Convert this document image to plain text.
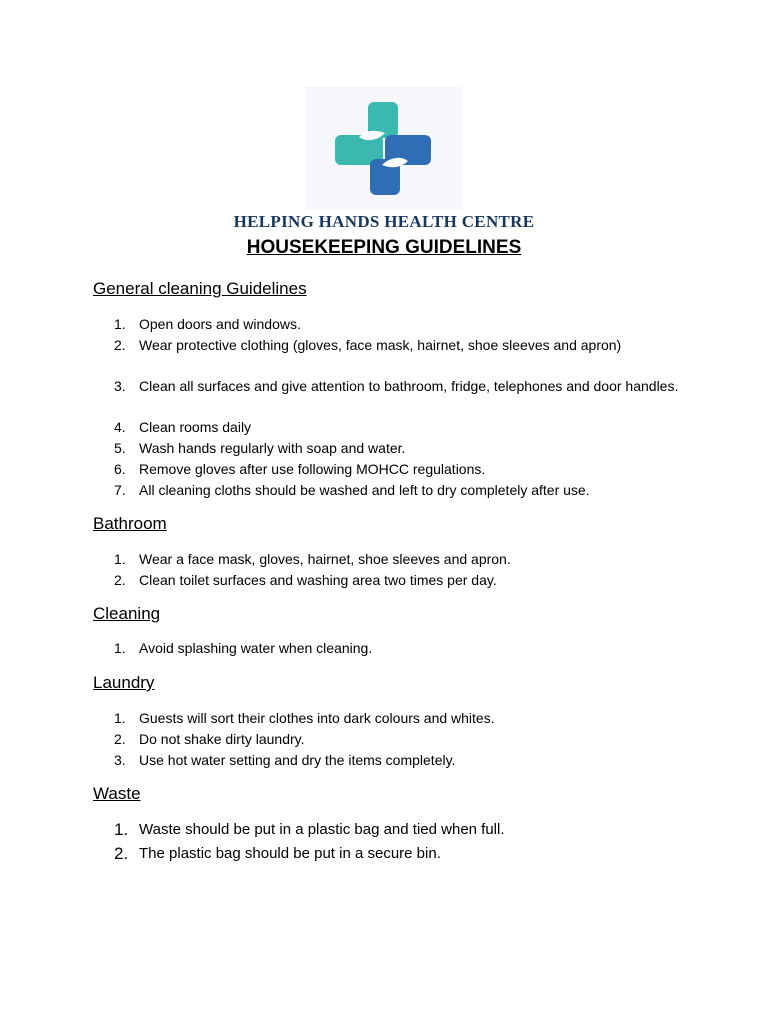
HELPING HANDS HEALTH CENTRE
HOUSEKEEPING GUIDELINES
General cleaning Guidelines
1. Open doors and windows.
2. Wear protective clothing (gloves, face mask, hairnet, shoe sleeves and apron)
3. Clean all surfaces and give attention to bathroom, fridge, telephones and door handles.
4. Clean rooms daily
5. Wash hands regularly with soap and water.
6. Remove gloves after use following MOHCC regulations.
7. All cleaning cloths should be washed and left to dry completely after use.
Bathroom
1. Wear a face mask, gloves, hairnet, shoe sleeves and apron.
2. Clean toilet surfaces and washing area two times per day.
Cleaning
1. Avoid splashing water when cleaning.
Laundry
1. Guests will sort their clothes into dark colours and whites.
2. Do not shake dirty laundry.
3. Use hot water setting and dry the items completely.
Waste
1. Waste should be put in a plastic bag and tied when full.
2. The plastic bag should be put in a secure bin.
